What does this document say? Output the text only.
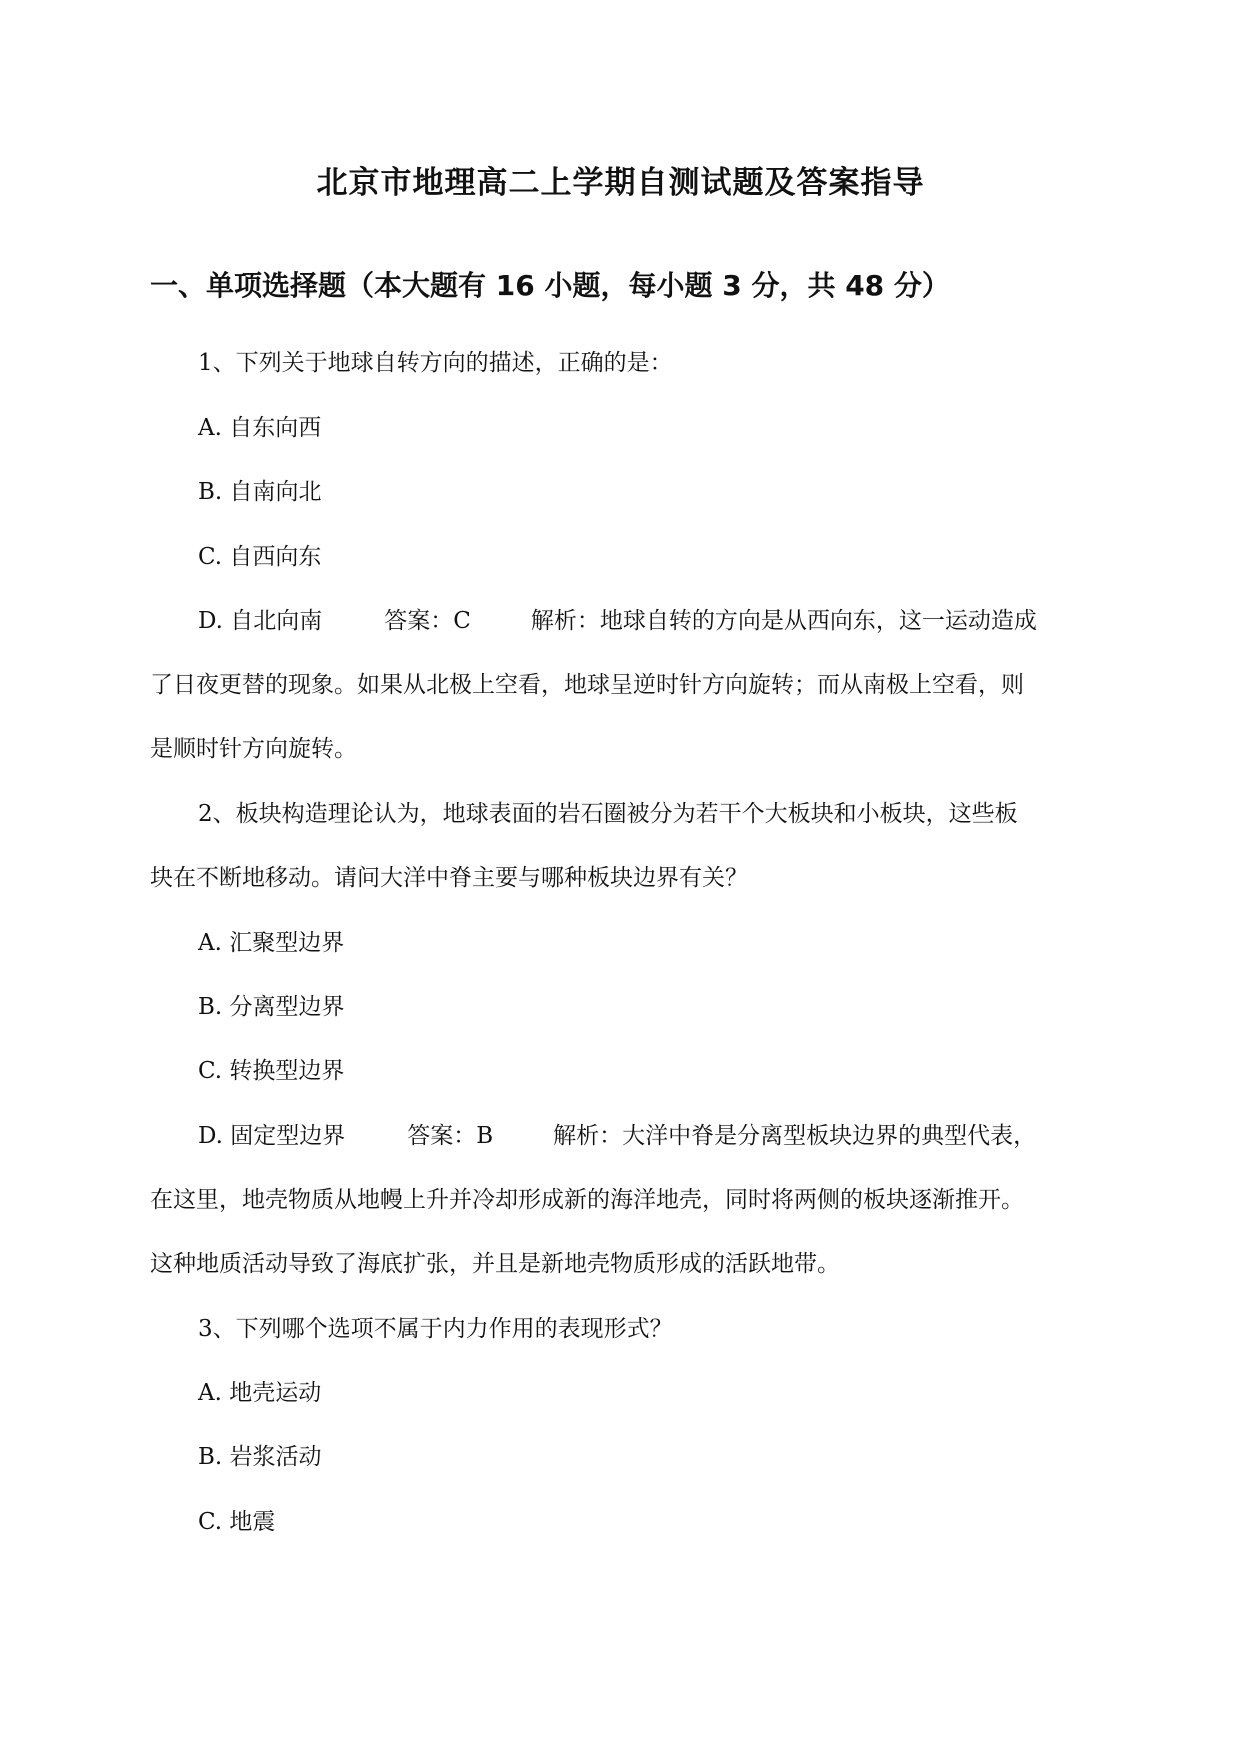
北京市地理高二上学期自测试题及答案指导
一、单项选择题（本大题有 16 小题，每小题 3 分，共 48 分）
1、下列关于地球自转方向的描述，正确的是：
A. 自东向西
B. 自南向北
C. 自西向东
D. 自北向南	答案：C	解析：地球自转的方向是从西向东，这一运动造成
了日夜更替的现象。如果从北极上空看，地球呈逆时针方向旋转；而从南极上空看，则
是顺时针方向旋转。
2、板块构造理论认为，地球表面的岩石圈被分为若干个大板块和小板块，这些板
块在不断地移动。请问大洋中脊主要与哪种板块边界有关？
A. 汇聚型边界
B. 分离型边界
C. 转换型边界
D. 固定型边界	答案：B	解析：大洋中脊是分离型板块边界的典型代表，
在这里，地壳物质从地幔上升并冷却形成新的海洋地壳，同时将两侧的板块逐渐推开。
这种地质活动导致了海底扩张，并且是新地壳物质形成的活跃地带。
3、下列哪个选项不属于内力作用的表现形式？
A. 地壳运动
B. 岩浆活动
C. 地震
